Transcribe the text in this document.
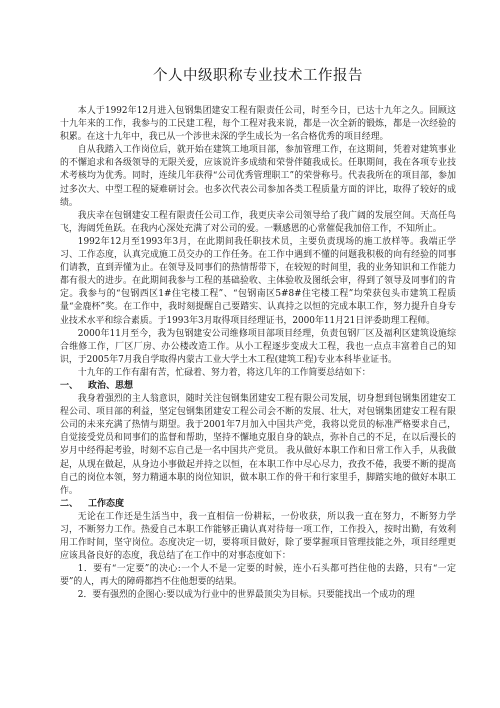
个人中级职称专业技术工作报告

本人于1992年12月进入包钢集团建安工程有限责任公司，时至今日，已达十九年之久。回顾这十九年来的工作，我参与的工民建工程，每个工程对我来说，都是一次全新的锻炼，都是一次经验的积累。在这十九年中，我已从一个涉世未深的学生成长为一名合格优秀的项目经理。

自从我踏入工作岗位后，就开始在建筑工地项目部，参加管理工作，在这期间，凭着对建筑事业的不懈追求和各级领导的无限关爱，应该说许多成绩和荣誉伴随我成长。任职期间，我在各项专业技术考核均为优秀。同时，连续几年获得“公司优秀管理职工”的荣誉称号。代表我所在的项目部，参加过多次大、中型工程的疑难研讨会。也多次代表公司参加各类工程质量方面的评比，取得了较好的成绩。

我庆幸在包钢建安工程有限责任公司工作，我更庆幸公司领导给了我广阔的发展空间。天高任鸟飞，海阔凭鱼跃。在我内心深处充满了对公司的爱。一颗感恩的心常催促我加倍工作，不知所止。

1992年12月至1993年3月，在此期间我任职技术员，主要负责现场的施工放样等。我端正学习、工作态度，认真完成施工员交办的工作任务。在工作中遇到不懂的问题我积极的向有经验的同事们请教，直到弄懂为止。在领导及同事们的热情帮带下，在较短的时间里，我的业务知识和工作能力都有很大的进步。在此期间我参与工程的基础验收、主体验收及图纸会审，得到了领导及同事们的肯定。我参与的“包钢西区1#住宅楼工程”、“包钢南区5#8#住宅楼工程”均荣获包头市建筑工程质量“金鹿杯”奖。在工作中，我时刻提醒自己要踏实、认真持之以恒的完成本职工作，努力提升自身专业技术水平和综合素质。于1993年3月取得项目经理证书，2000年11月21日评委助理工程师。

2000年11月至今，我为包钢建安公司维修项目部项目经理，负责包钢厂区及福利区建筑设施综合维修工作，厂区厂房、办公楼改造工作。从小工程逐步变成大工程，我也一点点丰富着自己的知识，于2005年7月我自学取得内蒙古工业大学土木工程(建筑工程)专业本科毕业证书。

十九年的工作有甜有苦，忙碌着、努力着，将这几年的工作简要总结如下：

一、 政治、思想

我身着强烈的主人翁意识，随时关注包钢集团建安工程有限公司发展，切身想到包钢集团建安工程公司、项目部的利益，坚定包钢集团建安工程公司会不断的发展、壮大，对包钢集团建安工程有限公司的未来充满了热情与期望。我于2001年7月加入中国共产党，我将以党员的标准严格要求自己，自觉接受党员和同事们的监督和帮助，坚持不懈地克服自身的缺点，弥补自己的不足，在以后漫长的岁月中经得起考验，时刻不忘自己是一名中国共产党员。 我从做好本职工作和日常工作入手，从我做起，从现在做起，从身边小事做起并持之以恒，在本职工作中尽心尽力，孜孜不倦，我要不断的提高自己的岗位本领，努力精通本职的岗位知识，做本职工作的骨干和行家里手，脚踏实地的做好本职工作。

二、 工作态度

无论在工作还是生活当中，我一直相信一份耕耘，一份收获，所以我一直在努力，不断努力学习，不断努力工作。热爱自己本职工作能够正确认真对待每一项工作，工作投入，按时出勤，有效利用工作时间，坚守岗位。态度决定一切，要将项目做好，除了要掌握项目管理技能之外，项目经理更应该具备良好的态度，我总结了在工作中的对事态度如下：

1．要有“一定要”的决心:一个人不是一定要的时候，连小石头都可挡住他的去路，只有“一定要”的人，再大的障碍都挡不住他想要的结果。

2．要有强烈的企图心:要以成为行业中的世界最顶尖为目标。只要能找出一个成功的理
